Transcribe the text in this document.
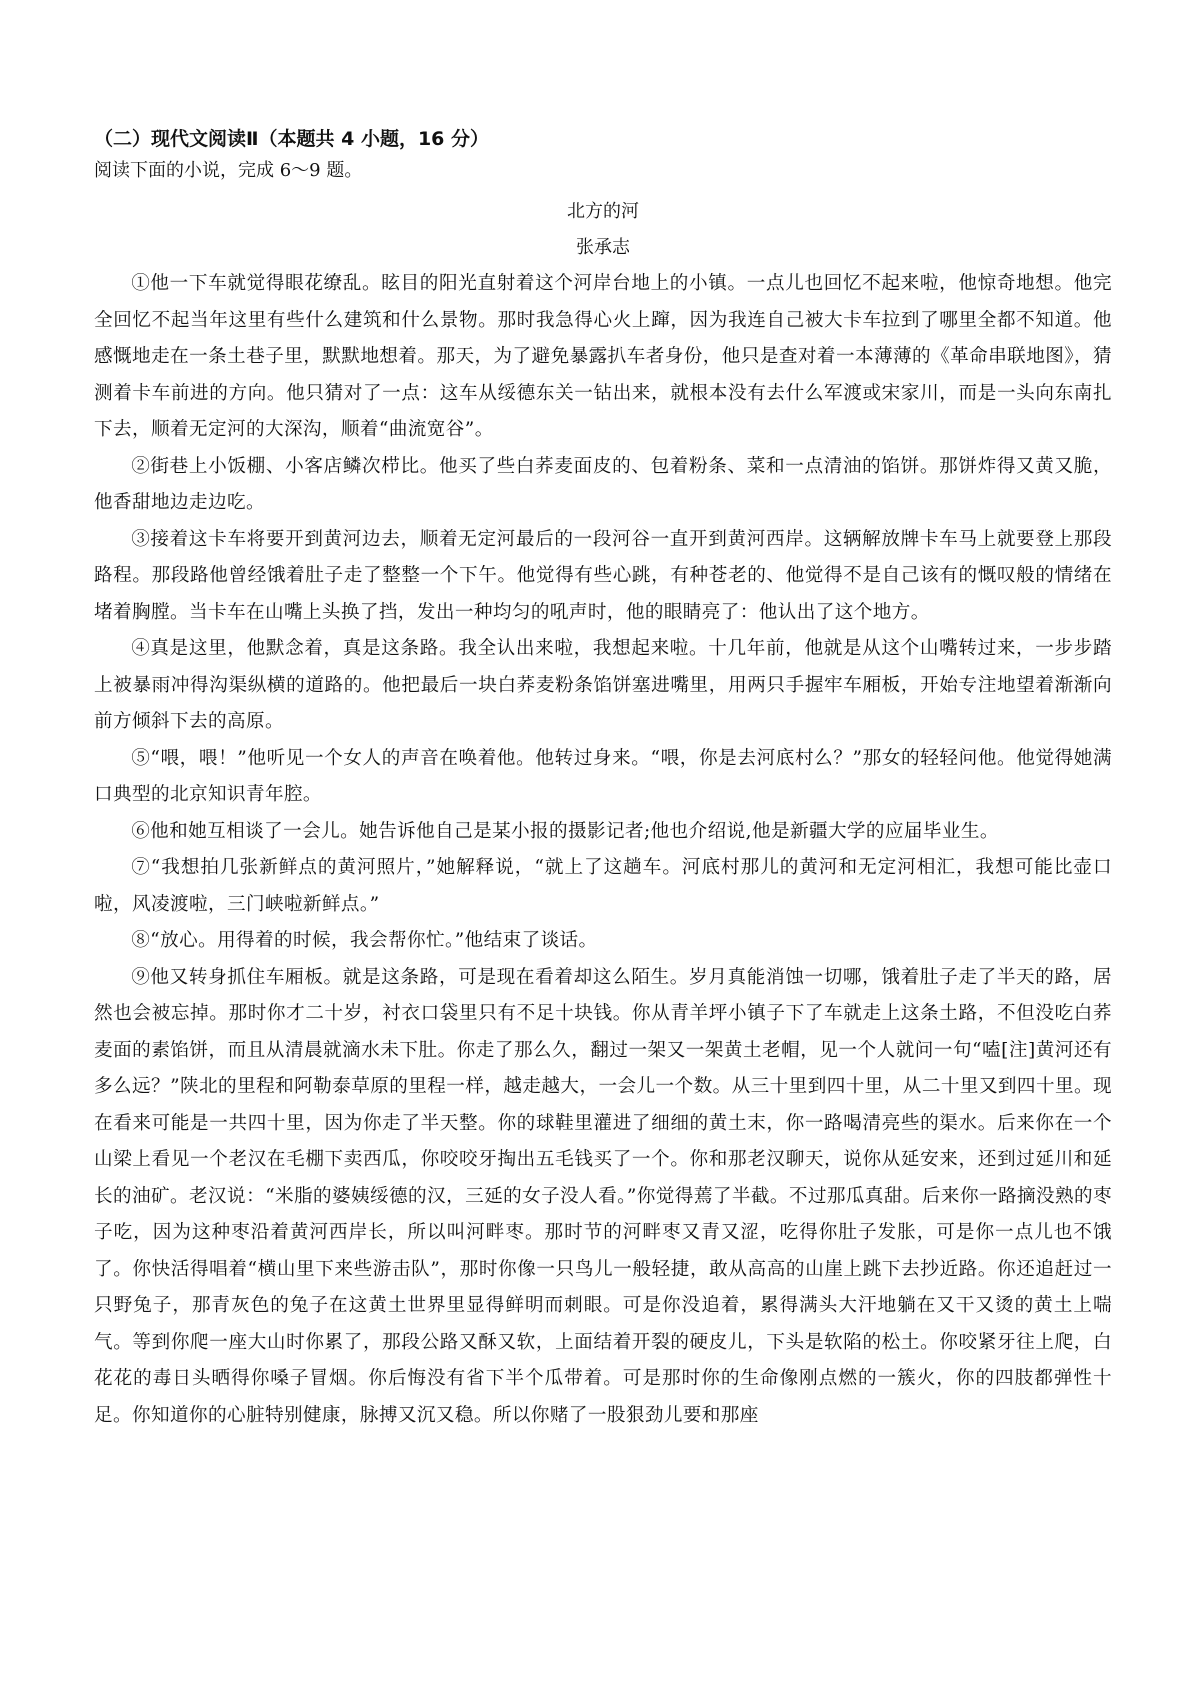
（二）现代文阅读Ⅱ（本题共 4 小题，16 分）

阅读下面的小说，完成 6～9 题。

北方的河

张承志

①他一下车就觉得眼花缭乱。眩目的阳光直射着这个河岸台地上的小镇。一点儿也回忆不起来啦，他惊奇地想。他完全回忆不起当年这里有些什么建筑和什么景物。那时我急得心火上蹿，因为我连自己被大卡车拉到了哪里全都不知道。他感慨地走在一条土巷子里，默默地想着。那天，为了避免暴露扒车者身份，他只是查对着一本薄薄的《革命串联地图》，猜测着卡车前进的方向。他只猜对了一点：这车从绥德东关一钻出来，就根本没有去什么军渡或宋家川，而是一头向东南扎下去，顺着无定河的大深沟，顺着“曲流宽谷”。

②街巷上小饭棚、小客店鳞次栉比。他买了些白荞麦面皮的、包着粉条、菜和一点清油的馅饼。那饼炸得又黄又脆，他香甜地边走边吃。

③接着这卡车将要开到黄河边去，顺着无定河最后的一段河谷一直开到黄河西岸。这辆解放牌卡车马上就要登上那段路程。那段路他曾经饿着肚子走了整整一个下午。他觉得有些心跳，有种苍老的、他觉得不是自己该有的慨叹般的情绪在堵着胸膛。当卡车在山嘴上头换了挡，发出一种均匀的吼声时，他的眼睛亮了：他认出了这个地方。

④真是这里，他默念着，真是这条路。我全认出来啦，我想起来啦。十几年前，他就是从这个山嘴转过来，一步步踏上被暴雨冲得沟渠纵横的道路的。他把最后一块白荞麦粉条馅饼塞进嘴里，用两只手握牢车厢板，开始专注地望着渐渐向前方倾斜下去的高原。

⑤“喂，喂！”他听见一个女人的声音在唤着他。他转过身来。“喂，你是去河底村么？”那女的轻轻问他。他觉得她满口典型的北京知识青年腔。

⑥他和她互相谈了一会儿。她告诉他自己是某小报的摄影记者;他也介绍说,他是新疆大学的应届毕业生。

⑦“我想拍几张新鲜点的黄河照片，”她解释说，“就上了这趟车。河底村那儿的黄河和无定河相汇，我想可能比壶口啦，风凌渡啦，三门峡啦新鲜点。”

⑧“放心。用得着的时候，我会帮你忙。”他结束了谈话。

⑨他又转身抓住车厢板。就是这条路，可是现在看着却这么陌生。岁月真能消蚀一切哪，饿着肚子走了半天的路，居然也会被忘掉。那时你才二十岁，衬衣口袋里只有不足十块钱。你从青羊坪小镇子下了车就走上这条土路，不但没吃白荞麦面的素馅饼，而且从清晨就滴水未下肚。你走了那么久，翻过一架又一架黄土老帽，见一个人就问一句“嗑[注]黄河还有多么远？”陕北的里程和阿勒泰草原的里程一样，越走越大，一会儿一个数。从三十里到四十里，从二十里又到四十里。现在看来可能是一共四十里，因为你走了半天整。你的球鞋里灌进了细细的黄土末，你一路喝清亮些的渠水。后来你在一个山梁上看见一个老汉在毛棚下卖西瓜，你咬咬牙掏出五毛钱买了一个。你和那老汉聊天，说你从延安来，还到过延川和延长的油矿。老汉说：“米脂的婆姨绥德的汉，三延的女子没人看。”你觉得蔫了半截。不过那瓜真甜。后来你一路摘没熟的枣子吃，因为这种枣沿着黄河西岸长，所以叫河畔枣。那时节的河畔枣又青又涩，吃得你肚子发胀，可是你一点儿也不饿了。你快活得唱着“横山里下来些游击队”，那时你像一只鸟儿一般轻捷，敢从高高的山崖上跳下去抄近路。你还追赶过一只野兔子，那青灰色的兔子在这黄土世界里显得鲜明而刺眼。可是你没追着，累得满头大汗地躺在又干又烫的黄土上喘气。等到你爬一座大山时你累了，那段公路又酥又软，上面结着开裂的硬皮儿，下头是软陷的松土。你咬紧牙往上爬，白花花的毒日头晒得你嗓子冒烟。你后悔没有省下半个瓜带着。可是那时你的生命像刚点燃的一簇火，你的四肢都弹性十足。你知道你的心脏特别健康，脉搏又沉又稳。所以你赌了一股狠劲儿要和那座
